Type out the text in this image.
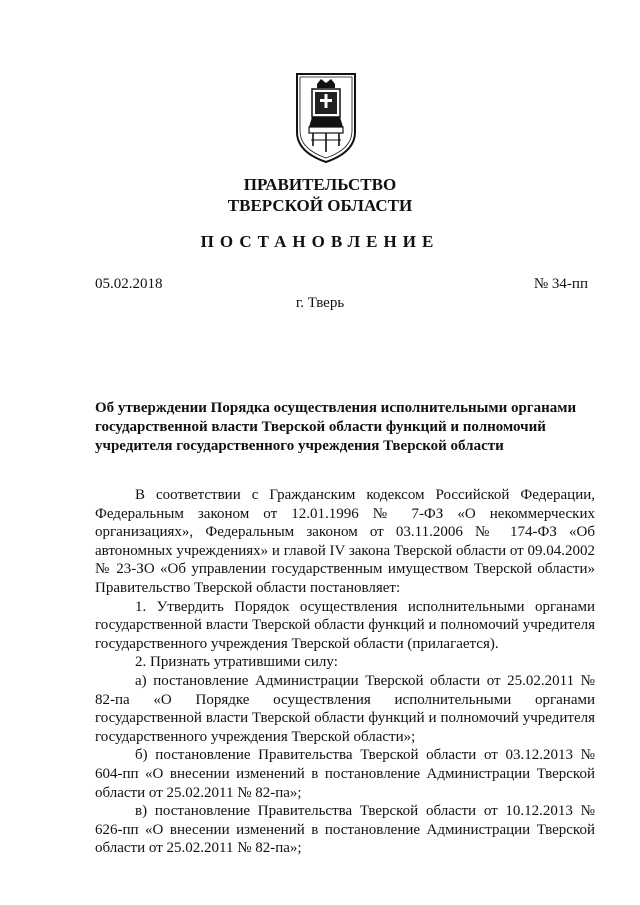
ПРАВИТЕЛЬСТВО
ТВЕРСКОЙ ОБЛАСТИ
ПОСТАНОВЛЕНИЕ
05.02.2018	№ 34-пп
г. Тверь
Об утверждении Порядка осуществления исполнительными органами государственной власти Тверской области функций и полномочий учредителя государственного учреждения Тверской области

В соответствии с Гражданским кодексом Российской Федерации, Федеральным законом от 12.01.1996 № 7-ФЗ «О некоммерческих организациях», Федеральным законом от 03.11.2006 № 174-ФЗ «Об автономных учреждениях» и главой IV закона Тверской области от 09.04.2002 № 23-ЗО «Об управлении государственным имуществом Тверской области» Правительство Тверской области постановляет:

1. Утвердить Порядок осуществления исполнительными органами государственной власти Тверской области функций и полномочий учредителя государственного учреждения Тверской области (прилагается).

2. Признать утратившими силу:

а) постановление Администрации Тверской области от 25.02.2011 № 82-па «О Порядке осуществления исполнительными органами государственной власти Тверской области функций и полномочий учредителя государственного учреждения Тверской области»;

б) постановление Правительства Тверской области от 03.12.2013 № 604-пп «О внесении изменений в постановление Администрации Тверской области от 25.02.2011 № 82-па»;

в) постановление Правительства Тверской области от 10.12.2013 № 626-пп «О внесении изменений в постановление Администрации Тверской области от 25.02.2011 № 82-па»;
